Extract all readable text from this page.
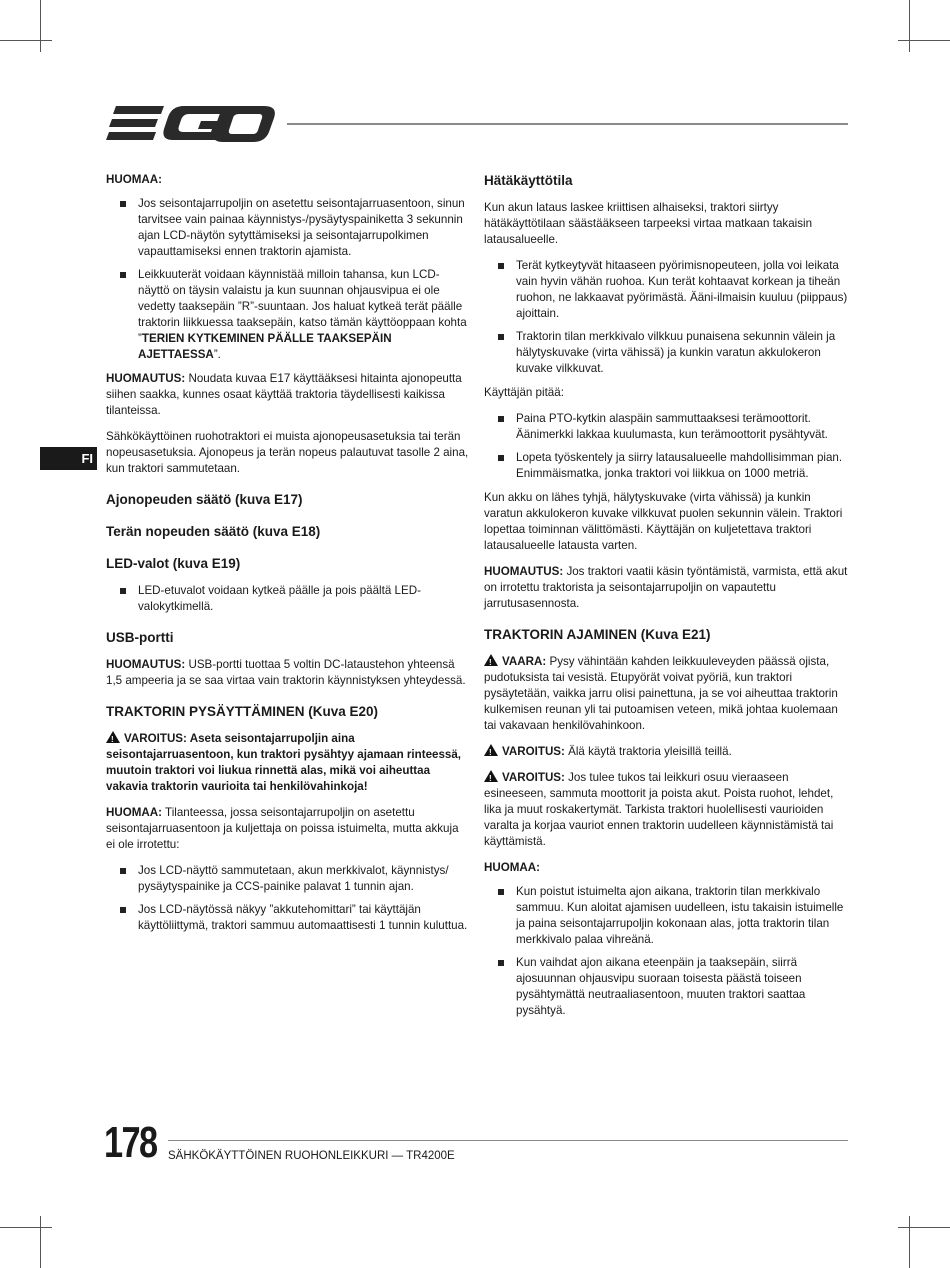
FI
HUOMAA:
Jos seisontajarrupoljin on asetettu seisontajarruasentoon, sinun tarvitsee vain painaa käynnistys-/pysäytyspainiketta 3 sekunnin ajan LCD-näytön sytyttämiseksi ja seisontajarrupolkimen vapauttamiseksi ennen traktorin ajamista.
Leikkuuterät voidaan käynnistää milloin tahansa, kun LCD-näyttö on täysin valaistu ja kun suunnan ohjausvipua ei ole vedetty taaksepäin ”R”-suuntaan. Jos haluat kytkeä terät päälle traktorin liikkuessa taaksepäin, katso tämän käyttöoppaan kohta ”TERIEN KYTKEMINEN PÄÄLLE TAAKSEPÄIN AJETTAESSA”.

HUOMAUTUS: Noudata kuvaa E17 käyttääksesi hitainta ajonopeutta siihen saakka, kunnes osaat käyttää traktoria täydellisesti kaikissa tilanteissa.

Sähkökäyttöinen ruohotraktori ei muista ajonopeusasetuksia tai terän nopeusasetuksia. Ajonopeus ja terän nopeus palautuvat tasolle 2 aina, kun traktori sammutetaan.

Ajonopeuden säätö (kuva E17)
Terän nopeuden säätö (kuva E18)
LED-valot (kuva E19)
LED-etuvalot voidaan kytkeä päälle ja pois päältä LED-valokytkimellä.
USB-portti

HUOMAUTUS: USB-portti tuottaa 5 voltin DC-lataustehon yhteensä 1,5 ampeeria ja se saa virtaa vain traktorin käynnistyksen yhteydessä.

TRAKTORIN PYSÄYTTÄMINEN (Kuva E20)

!VAROITUS: Aseta seisontajarrupoljin aina seisontajarruasentoon, kun traktori pysähtyy ajamaan rinteessä, muutoin traktori voi liukua rinnettä alas, mikä voi aiheuttaa vakavia traktorin vaurioita tai henkilövahinkoja!

HUOMAA: Tilanteessa, jossa seisontajarrupoljin on asetettu seisontajarruasentoon ja kuljettaja on poissa istuimelta, mutta akkuja ei ole irrotettu:

Jos LCD-näyttö sammutetaan, akun merkkivalot, käynnistys/ pysäytyspainike ja CCS-painike palavat 1 tunnin ajan.
Jos LCD-näytössä näkyy ”akkutehomittari” tai käyttäjän käyttöliittymä, traktori sammuu automaattisesti 1 tunnin kuluttua.
Hätäkäyttötila

Kun akun lataus laskee kriittisen alhaiseksi, traktori siirtyy hätäkäyttötilaan säästääkseen tarpeeksi virtaa matkaan takaisin latausalueelle.

Terät kytkeytyvät hitaaseen pyörimisnopeuteen, jolla voi leikata vain hyvin vähän ruohoa. Kun terät kohtaavat korkean ja tiheän ruohon, ne lakkaavat pyörimästä. Ääni-ilmaisin kuuluu (piippaus) ajoittain.
Traktorin tilan merkkivalo vilkkuu punaisena sekunnin välein ja hälytyskuvake (virta vähissä) ja kunkin varatun akkulokeron kuvake vilkkuvat.

Käyttäjän pitää:

Paina PTO-kytkin alaspäin sammuttaaksesi terämoottorit. Äänimerkki lakkaa kuulumasta, kun terämoottorit pysähtyvät.
Lopeta työskentely ja siirry latausalueelle mahdollisimman pian. Enimmäismatka, jonka traktori voi liikkua on 1000 metriä.

Kun akku on lähes tyhjä, hälytyskuvake (virta vähissä) ja kunkin varatun akkulokeron kuvake vilkkuvat puolen sekunnin välein. Traktori lopettaa toiminnan välittömästi. Käyttäjän on kuljetettava traktori latausalueelle latausta varten.

HUOMAUTUS: Jos traktori vaatii käsin työntämistä, varmista, että akut on irrotettu traktorista ja seisontajarrupoljin on vapautettu jarrutusasennosta.

TRAKTORIN AJAMINEN (Kuva E21)

!VAARA: Pysy vähintään kahden leikkuuleveyden päässä ojista, pudotuksista tai vesistä. Etupyörät voivat pyöriä, kun traktori pysäytetään, vaikka jarru olisi painettuna, ja se voi aiheuttaa traktorin kulkemisen reunan yli tai putoamisen veteen, mikä johtaa kuolemaan tai vakavaan henkilövahinkoon.

!VAROITUS: Älä käytä traktoria yleisillä teillä.

!VAROITUS: Jos tulee tukos tai leikkuri osuu vieraaseen esineeseen, sammuta moottorit ja poista akut. Poista ruohot, lehdet, lika ja muut roskakertymät. Tarkista traktori huolellisesti vaurioiden varalta ja korjaa vauriot ennen traktorin uudelleen käynnistämistä tai käyttämistä.

HUOMAA:
Kun poistut istuimelta ajon aikana, traktorin tilan merkkivalo sammuu. Kun aloitat ajamisen uudelleen, istu takaisin istuimelle ja paina seisontajarrupoljin kokonaan alas, jotta traktorin tilan merkkivalo palaa vihreänä.
Kun vaihdat ajon aikana eteenpäin ja taaksepäin, siirrä ajosuunnan ohjausvipu suoraan toisesta päästä toiseen pysähtymättä neutraaliasentoon, muuten traktori saattaa pysähtyä.
178 SÄHKÖKÄYTTÖINEN RUOHONLEIKKURI — TR4200E
